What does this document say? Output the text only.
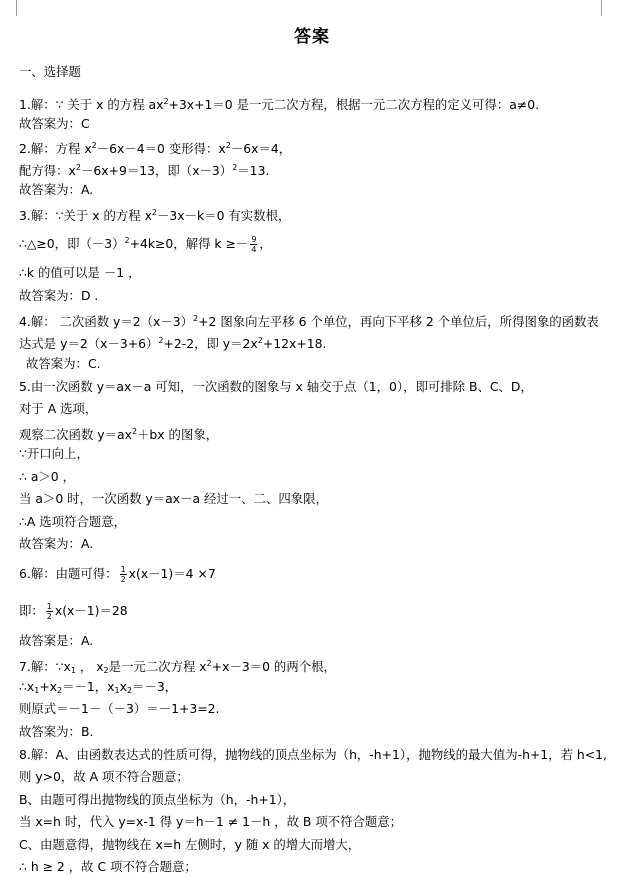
答案
一、选择题
1.解：∵ 关于 x 的方程 $ax^2+3x+1=0$ 是一元二次方程，根据一元二次方程的定义可得：a≠0.
故答案为：C
2.解：方程 $x^2-6x-4=0$ 变形得：$x^2-6x=4$，
配方得：$x^2-6x+9=13$，即$(x-3)^2=13$.
故答案为：A.
3.解：∵关于 x 的方程 $x^2-3x-k=0$ 有实数根，
∴△≥0，即$(-3)^2+4k\ge 0$，解得 $k \ge- \frac{9}{4}$ ，
∴k 的值可以是 －1 ，
故答案为：D .
4.解： 二次函数 $y=2(x-3)^2+2$ 图象向左平移 6 个单位，再向下平移 2 个单位后，所得图象的函数表
达式是 $y=2(x-3+6)^2+2-2$，即 $y=2x^2+12x+18$.
故答案为：C.
5.由一次函数 y＝ax－a 可知，一次函数的图象与 x 轴交于点（1，0），即可排除 B、C、D，
对于 A 选项，
观察二次函数 $y=ax^2+bx$ 的图象，
∵开口向上，
∴ a＞0 ，
当 a＞0 时，一次函数 y＝ax－a 经过一、二、四象限，
∴A 选项符合题意，
故答案为：A.
6.解：由题可得： $\frac{1}{2} x(x-1)=4 \times 7$
即： $\frac{1}{2} x(x-1)=28$
故答案是：A.
7.解：$\because x_1$ ， $x_2$是一元二次方程 $x^2+x-3=0$ 的两个根，
$\therefore x_1+x_2=-1$，$x_1x_2=-3$，
则原式＝－1－（－3）＝－1+3=2.
故答案为：B.
8.解：A、由函数表达式的性质可得，抛物线的顶点坐标为（h，-h+1），抛物线的最大值为-h+1，若 h<1,
则 y>0，故 A 项不符合题意；
B、由题可得出抛物线的顶点坐标为（h，-h+1），
当 x=h 时，代入 y=x-1 得 y＝h－1 ≠ 1－h ，故 B 项不符合题意；
C、由题意得，抛物线在 x=h 左侧时，y 随 x 的增大而增大，
∴ h ≥ 2 ，故 C 项不符合题意；
